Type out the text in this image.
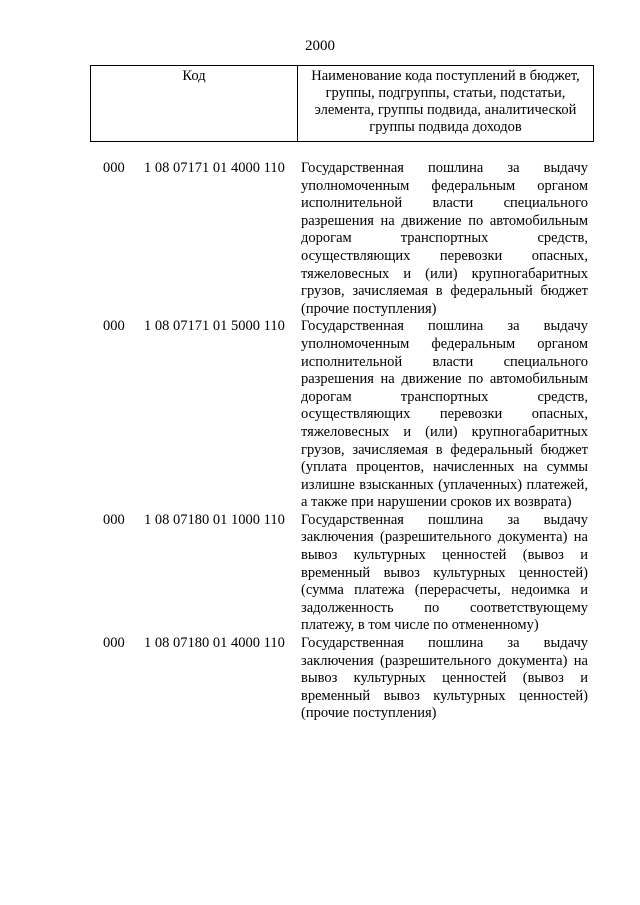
2000
Код	Наименование кода поступлений в бюджет, группы, подгруппы, статьи, подстатьи, элемента, группы подвида, аналитической группы подвида доходов
000 1 08 07171 01 4000 110 Государственная пошлина за выдачу уполномоченным федеральным органом исполнительной власти специального разрешения на движение по автомобильным дорогам транспортных средств, осуществляющих перевозки опасных, тяжеловесных и (или) крупногабаритных грузов, зачисляемая в федеральный бюджет (прочие поступления)
000 1 08 07171 01 5000 110 Государственная пошлина за выдачу уполномоченным федеральным органом исполнительной власти специального разрешения на движение по автомобильным дорогам транспортных средств, осуществляющих перевозки опасных, тяжеловесных и (или) крупногабаритных грузов, зачисляемая в федеральный бюджет (уплата процентов, начисленных на суммы излишне взысканных (уплаченных) платежей, а также при нарушении сроков их возврата)
000 1 08 07180 01 1000 110 Государственная пошлина за выдачу заключения (разрешительного документа) на вывоз культурных ценностей (вывоз и временный вывоз культурных ценностей) (сумма платежа (перерасчеты, недоимка и задолженность по соответствующему платежу, в том числе по отмененному)
000 1 08 07180 01 4000 110 Государственная пошлина за выдачу заключения (разрешительного документа) на вывоз культурных ценностей (вывоз и временный вывоз культурных ценностей) (прочие поступления)
